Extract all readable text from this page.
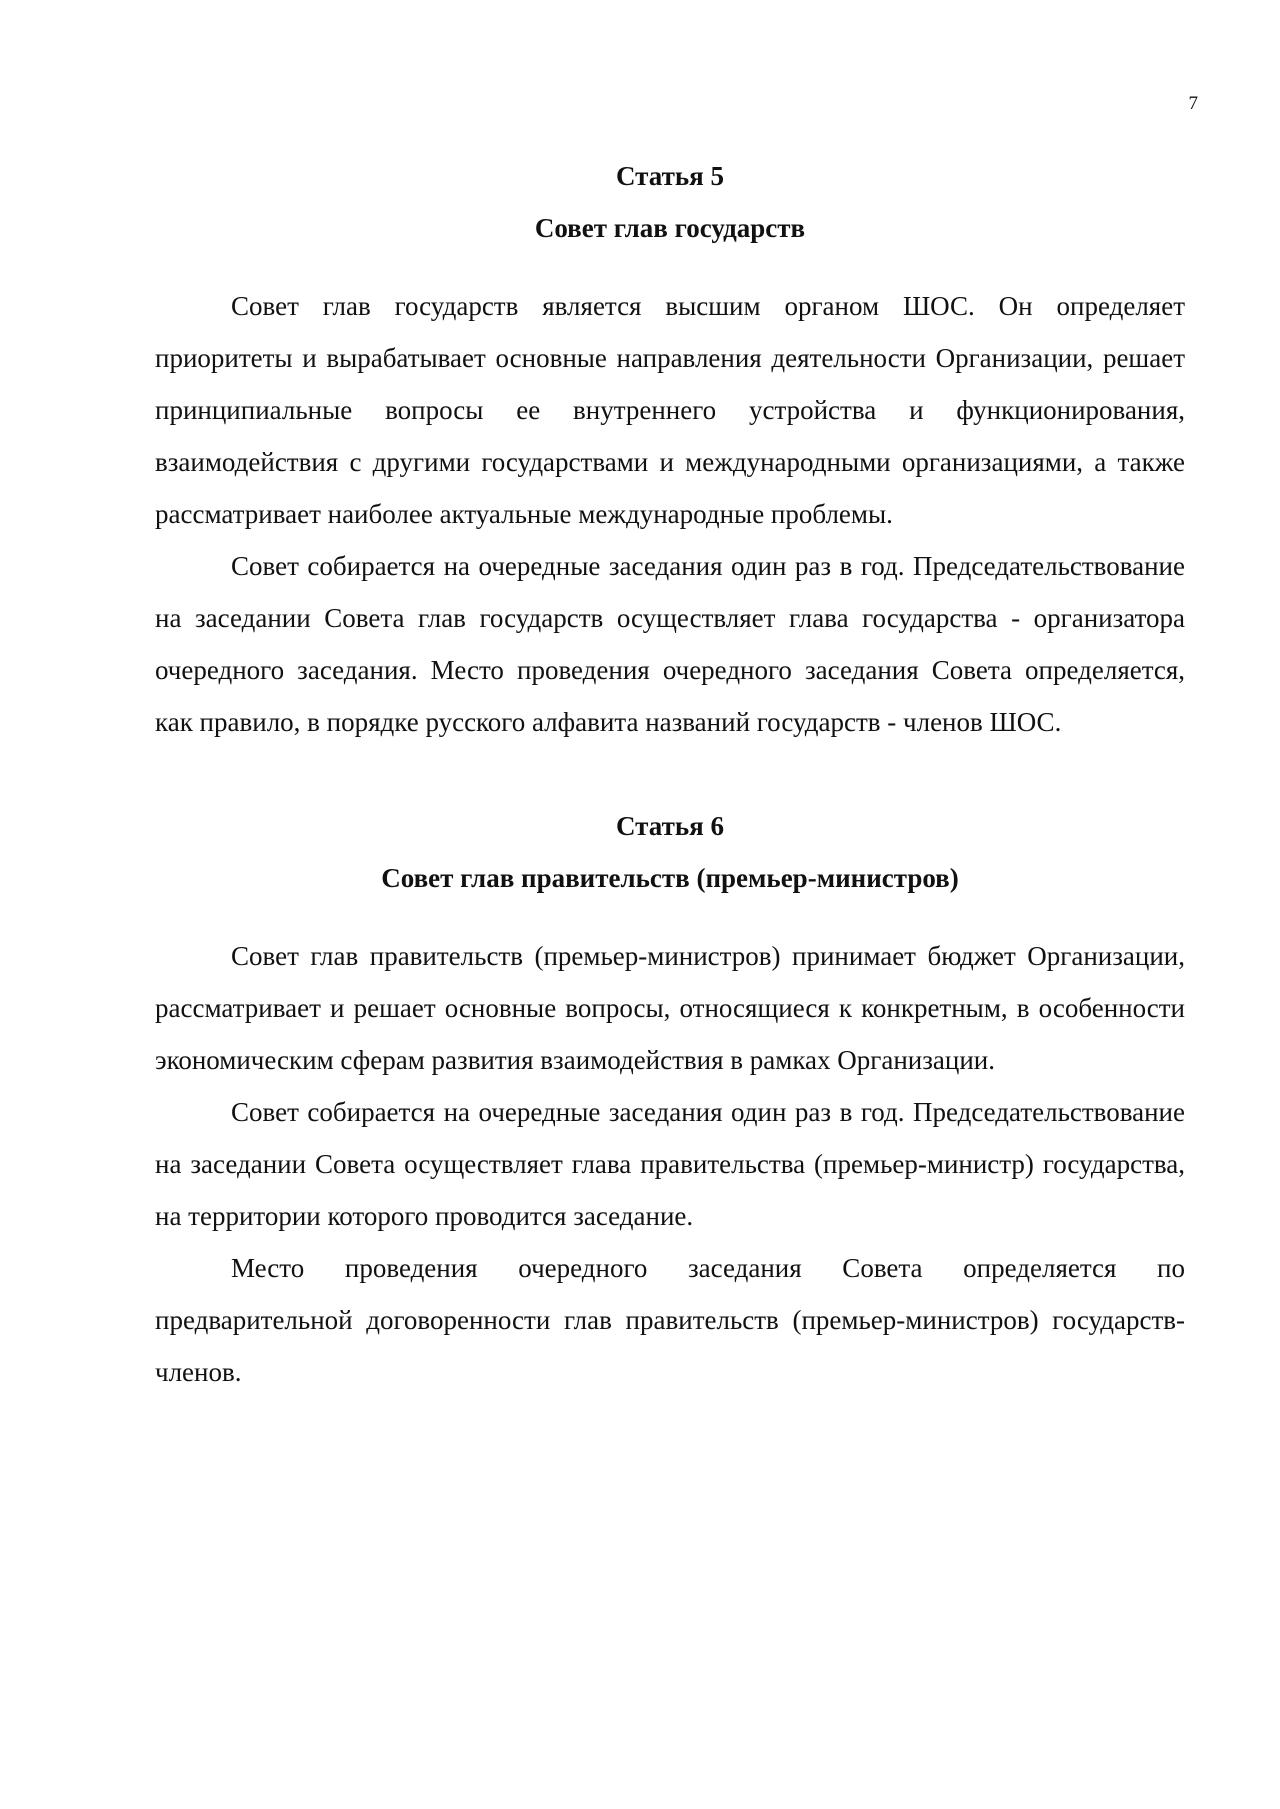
7
Статья 5
Совет глав государств

Совет глав государств является высшим органом ШОС. Он определяет приоритеты и вырабатывает основные направления деятельности Организации, решает принципиальные вопросы ее внутреннего устройства и функционирования, взаимодействия с другими государствами и международными организациями, а также рассматривает наиболее актуальные международные проблемы.

Совет собирается на очередные заседания один раз в год. Председательствование на заседании Совета глав государств осуществляет глава государства - организатора очередного заседания. Место проведения очередного заседания Совета определяется, как правило, в порядке русского алфавита названий государств - членов ШОС.

Статья 6
Совет глав правительств (премьер-министров)

Совет глав правительств (премьер-министров) принимает бюджет Организации, рассматривает и решает основные вопросы, относящиеся к конкретным, в особенности экономическим сферам развития взаимодействия в рамках Организации.

Совет собирается на очередные заседания один раз в год. Председательствование на заседании Совета осуществляет глава правительства (премьер-министр) государства, на территории которого проводится заседание.

Место проведения очередного заседания Совета определяется по предварительной договоренности глав правительств (премьер-министров) государств-членов.
